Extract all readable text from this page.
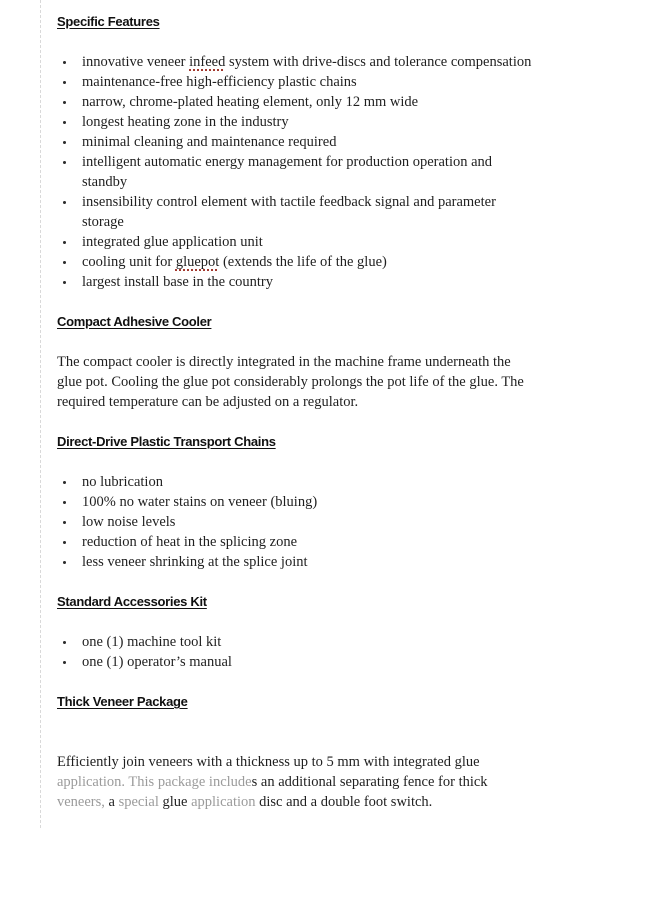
Specific Features
innovative veneer infeed system with drive-discs and tolerance compensation
maintenance-free high-efficiency plastic chains
narrow, chrome-plated heating element, only 12 mm wide
longest heating zone in the industry
minimal cleaning and maintenance required
intelligent automatic energy management for production operation and
standby
insensibility control element with tactile feedback signal and parameter
storage
integrated glue application unit
cooling unit for gluepot (extends the life of the glue)
largest install base in the country
Compact Adhesive Cooler
The compact cooler is directly integrated in the machine frame underneath the
glue pot. Cooling the glue pot considerably prolongs the pot life of the glue. The
required temperature can be adjusted on a regulator.
Direct-Drive Plastic Transport Chains
no lubrication
100% no water stains on veneer (bluing)
low noise levels
reduction of heat in the splicing zone
less veneer shrinking at the splice joint
Standard Accessories Kit
one (1) machine tool kit
one (1) operator’s manual
Thick Veneer Package
Efficiently join veneers with a thickness up to 5 mm with integrated glue
application. This package includes an additional separating fence for thick
veneers, a special glue application disc and a double foot switch.
